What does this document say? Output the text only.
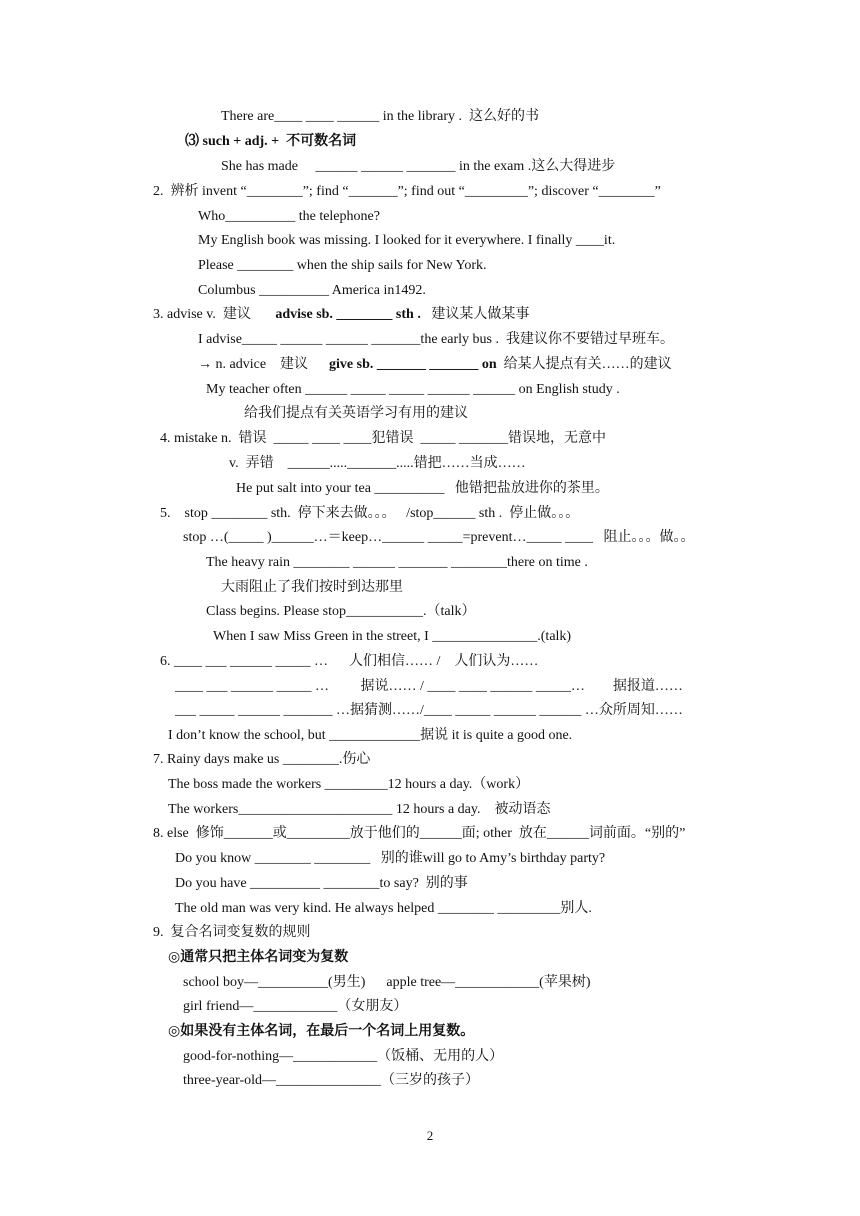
There are____ ____ ______ in the library .  这么好的书
⑶ such + adj. +  不可数名词
She has made     ______ ______ _______ in the exam .这么大得进步
2.  辨析 invent “________”; find “_______”; find out “_________”; discover “________”
Who__________ the telephone?
My English book was missing. I looked for it everywhere. I finally ____it.
Please ________ when the ship sails for New York.
Columbus __________ America in1492.
3. advise v.  建议       advise sb. ________ sth .   建议某人做某事
I advise_____ ______ ______ _______the early bus .  我建议你不要错过早班车。
→ n. advice    建议      give sb. _______ _______ on  给某人提点有关……的建议
My teacher often ______ _____ _____ ______ ______ on English study .
给我们提点有关英语学习有用的建议
4. mistake n.  错误  _____ ____ ____犯错误  _____ _______错误地，无意中
v.  弄错    ______....._______.....错把……当成……
He put salt into your tea __________   他错把盐放进你的茶里。
5.    stop ________ sth.  停下来去做。。。   /stop______ sth .  停止做。。。
stop …(_____ )______…＝keep…______ _____=prevent…_____ ____   阻止。。。做。。
The heavy rain ________ ______ _______ ________there on time .
大雨阻止了我们按时到达那里
Class begins. Please stop___________.（talk）
When I saw Miss Green in the street, I _______________.(talk)
6. ____ ___ ______ _____ …      人们相信…… /    人们认为……
____ ___ ______ _____ …         据说…… / ____ ____ ______ _____…        据报道……
___ _____ ______ _______ …据猜测……/____ _____ ______ ______ …众所周知……
I don’t know the school, but _____________据说 it is quite a good one.
7. Rainy days make us ________.伤心
The boss made the workers _________12 hours a day.（work）
The workers______________________ 12 hours a day.    被动语态
8. else  修饰_______或_________放于他们的______面; other  放在______词前面。“别的”
Do you know ________ ________   别的谁will go to Amy’s birthday party?
Do you have __________ ________to say?  别的事
The old man was very kind. He always helped ________ _________别人.
9.  复合名词变复数的规则
◎通常只把主体名词变为复数
school boy—__________(男生)      apple tree—____________(苹果树)
girl friend—____________（女朋友）
◎如果没有主体名词，在最后一个名词上用复数。
good-for-nothing—____________（饭桶、无用的人）
three-year-old—_______________（三岁的孩子）
2
